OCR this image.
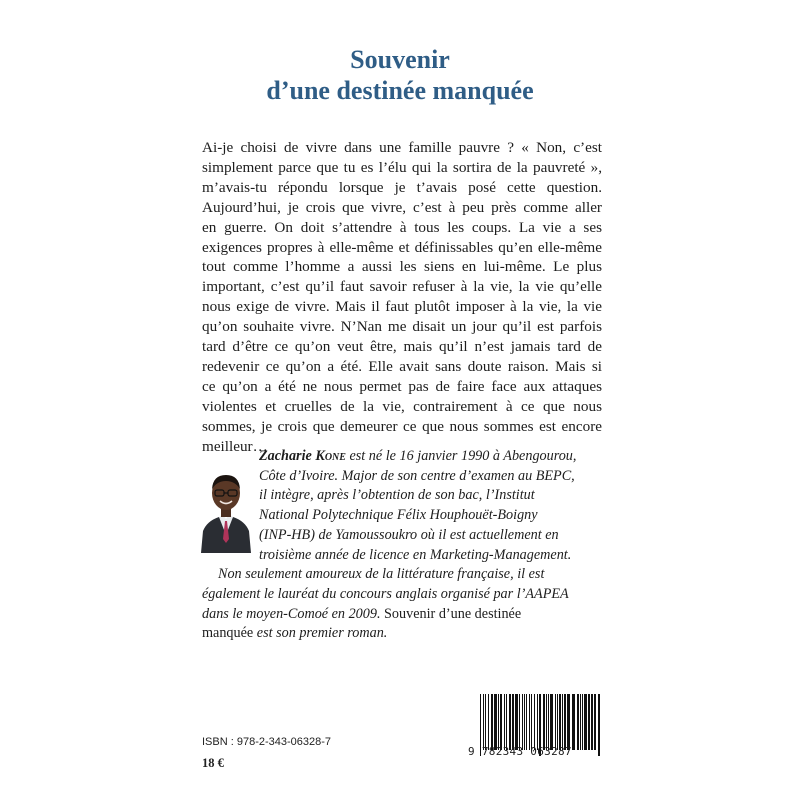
Souvenir
d’une destinée manquée
Ai-je choisi de vivre dans une famille pauvre ? « Non, c’est
simplement parce que tu es l’élu qui la sortira de la pauvreté »,
m’avais-tu répondu lorsque je t’avais posé cette question.
Aujourd’hui, je crois que vivre, c’est à peu près comme aller
en guerre. On doit s’attendre à tous les coups. La vie a ses
exigences propres à elle-même et définissables qu’en elle-même
tout comme l’homme a aussi les siens en lui-même. Le plus
important, c’est qu’il faut savoir refuser à la vie, la vie qu’elle
nous exige de vivre. Mais il faut plutôt imposer à la vie, la vie
qu’on souhaite vivre. N’Nan me disait un jour qu’il est parfois
tard d’être ce qu’on veut être, mais qu’il n’est jamais tard de
redevenir ce qu’on a été. Elle avait sans doute raison. Mais si
ce qu’on a été ne nous permet pas de faire face aux attaques
violentes et cruelles de la vie, contrairement à ce que nous
sommes, je crois que demeurer ce que nous sommes est encore
meilleur…
Zacharie Kone est né le 16 janvier 1990 à Abengourou,
Côte d’Ivoire. Major de son centre d’examen au BEPC,
il intègre, après l’obtention de son bac, l’Institut
National Polytechnique Félix Houphouët-Boigny
(INP-HB) de Yamoussoukro où il est actuellement en
troisième année de licence en Marketing-Management.
Non seulement amoureux de la littérature française, il est
également le lauréat du concours anglais organisé par l’AAPEA
dans le moyen-Comoé en 2009. Souvenir d’une destinée
manquée est son premier roman.
9 782343 063287
ISBN : 978-2-343-06328-7
18 €
